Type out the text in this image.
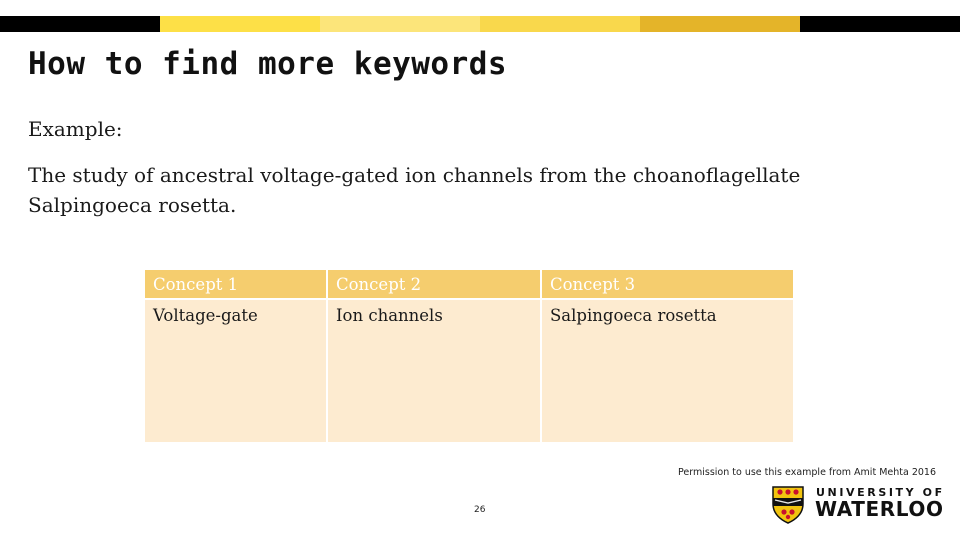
How to find more keywords
Example:
The study of ancestral voltage-gated ion channels from the choanoflagellate Salpingoeca rosetta.
Concept 1	Concept 2	Concept 3
Voltage-gate	Ion channels	Salpingoeca rosetta
Permission to use this example from Amit Mehta 2016
26
UNIVERSITY OF
WATERLOO
